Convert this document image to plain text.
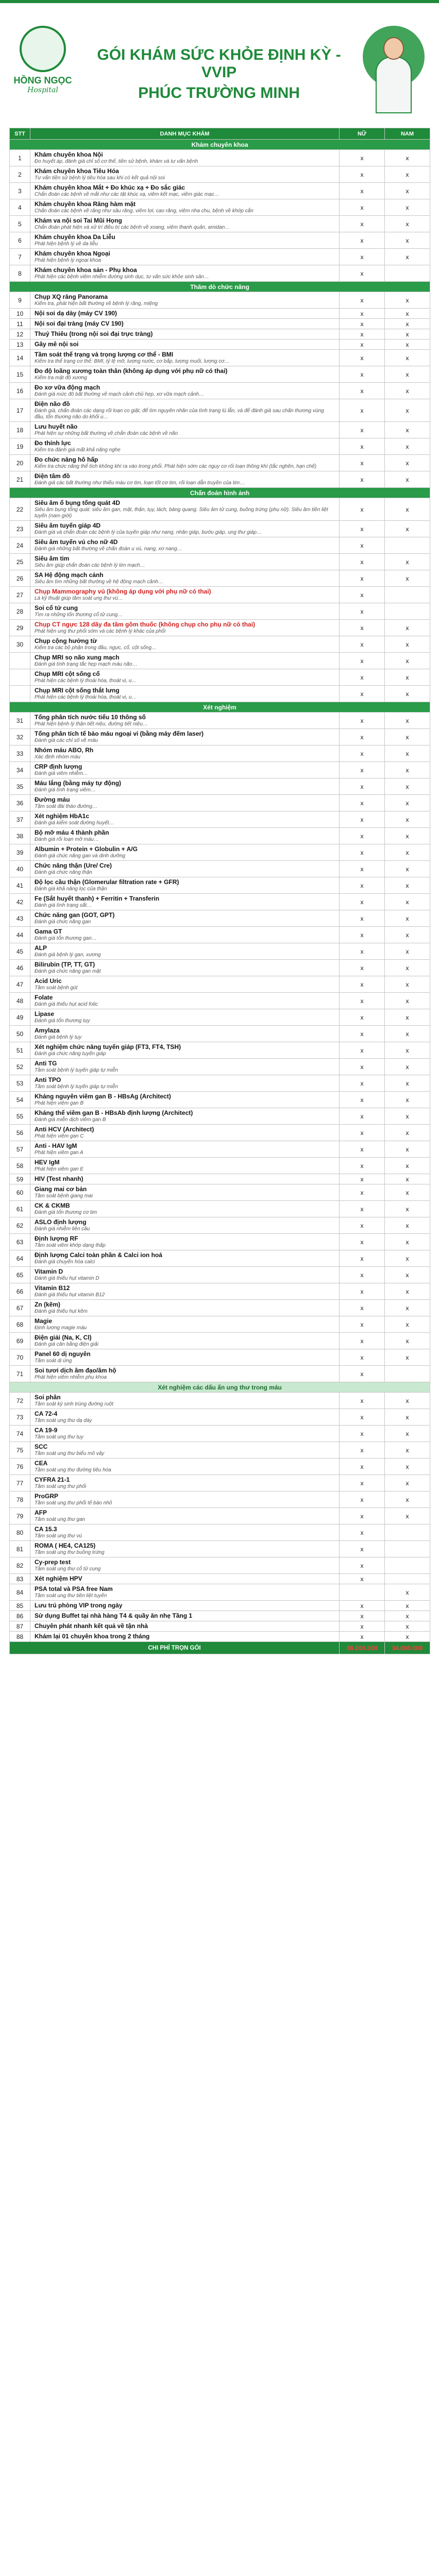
HỒNG NGỌC
Hospital
GÓI KHÁM SỨC KHỎE ĐỊNH KỲ - VVIP
PHÚC TRƯỜNG MINH
STT	DANH MỤC KHÁM	NỮ	NAM
Khám chuyên khoa			
1	Khám chuyên khoa Nội
Đo huyết áp, đánh giá chỉ số cơ thể, tiền sử bệnh, khám và tư vấn bệnh	x	x
2	Khám chuyên khoa Tiêu Hóa
Tư vấn tiền sử bệnh lý tiêu hóa sau khi có kết quả nội soi	x	x
3	Khám chuyên khoa Mắt + Đo khúc xạ + Đo sắc giác
Chẩn đoán các bệnh về mắt như các tật khúc xạ, viêm kết mạc, viêm giác mạc…	x	x
4	Khám chuyên khoa Răng hàm mặt
Chẩn đoán các bệnh về răng như sâu răng, viêm lợi, cao răng, viêm nha chu, bệnh về khớp cắn	x	x
5	Khám va nội soi Tai Mũi Họng
Chẩn đoán phát hiện và xử trí điều trị các bệnh về xoang, viêm thanh quản, amidan…	x	x
6	Khám chuyên khoa Da Liễu
Phát hiện bệnh lý về da liễu	x	x
7	Khám chuyên khoa Ngoại
Phát hiện bệnh lý ngoại khoa	x	x
8	Khám chuyên khoa sản - Phụ khoa
Phát hiện các bệnh viêm nhiễm đường sinh dục, tư vấn sức khỏe sinh sản…	x	
Thăm dò chức năng			
9	Chụp XQ răng Panorama
Kiểm tra, phát hiện bất thường về bệnh lý răng, miệng	x	x
10	Nội soi dạ dày (máy CV 190)	x	x
11	Nội soi đại tràng (máy CV 190)	x	x
12	Thuỷ Thiêu (trong nội soi đại trực tràng)	x	x
13	Gây mê nội soi	x	x
14	Tầm soát thể trạng và trọng lượng cơ thể - BMI
Kiểm tra thể trạng cơ thể: BMI, tỷ lệ mỡ, lượng nước, cơ bắp, lượng muối, lượng cơ…	x	x
15	Đo độ loãng xương toàn thân (không áp dụng với phụ nữ có thai)
Kiểm tra mật độ xương	x	x
16	Đo xơ vữa động mạch
Đánh giá mức độ bất thường về mạch cảnh chủ hẹp, xơ vữa mạch cảnh…	x	x
17	Điện não đồ
Đánh giá, chẩn đoán các dạng rối loạn co giật, để tìm nguyên nhân của tình trạng lú lẫn, và để đánh giá sau chấn thương vùng đầu, tổn thương não do khối u…	x	x
18	Lưu huyết não
Phát hiện sự những bất thường về chẩn đoán các bệnh về não	x	x
19	Đo thính lực
Kiểm tra đánh giá mất khả năng nghe	x	x
20	Đo chức năng hô hấp
Kiểm tra chức năng thể tích không khí ra vào trong phổi. Phát hiện sớm các nguy cơ rối loạn thông khí (tắc nghẽn, hạn chế)	x	x
21	Điện tâm đồ
Đánh giá các bất thường như thiếu máu cơ tim, loạn tốt cơ tim, rối loạn dẫn truyền của tim…	x	x
Chẩn đoán hình ảnh			
22	Siêu âm ổ bụng tổng quát 4D
Siêu âm bụng tổng quát: siêu âm gan, mật, thận, tụy, lách, bàng quang. Siêu âm tử cung, buồng trứng (phụ nữ). Siêu âm tiền liệt tuyến (nam giới)	x	x
23	Siêu âm tuyến giáp 4D
Đánh giá và chẩn đoán các bệnh lý của tuyến giáp như nang, nhân giáp, bướu giáp, ung thư giáp…	x	x
24	Siêu âm tuyến vú cho nữ 4D
Đánh giá những bất thường về chẩn đoán u vú, nang, xơ nang…	x	
25	Siêu âm tim
Siêu âm giúp chẩn đoán các bệnh lý tim mạch…	x	x
26	SA Hệ động mạch cảnh
Siêu âm tìm những bất thường về hệ động mạch cảnh…	x	x
27	Chụp Mammography vú (không áp dụng với phụ nữ có thai)
Là kỹ thuật giúp tầm soát ung thư vú…	x	
28	Soi cổ tử cung
Tìm ra những tổn thương cổ tử cung…	x	
29	Chụp CT ngực 128 dãy đa tầm gồm thuốc (không chụp cho phụ nữ có thai)
Phát hiện ung thư phổi sớm và các bệnh lý khác của phổi	x	x
30	Chụp cộng hưởng từ
Kiểm tra các bộ phận trong đầu, ngực, cổ, cột sống…	x	x

	Chụp MRI sọ não xung mạch
Đánh giá tình trạng tắc hẹp mạch máu não…	x	x

	Chụp MRI cột sống cổ
Phát hiện các bệnh lý thoái hóa, thoát vị, u…	x	x

	Chụp MRI cột sống thắt lưng
Phát hiện các bệnh lý thoái hóa, thoát vị, u…	x	x
Xét nghiệm			
31	Tổng phân tích nước tiểu 10 thông số
Phát hiện bệnh lý thận tiết niệu, đường tiết niệu…	x	x
32	Tổng phân tích tế bào máu ngoại vi (bằng máy đếm laser)
Đánh giá các chỉ số về máu	x	x
33	Nhóm máu ABO, Rh
Xác định nhóm máu	x	x
34	CRP định lượng
Đánh giá viêm nhiễm…	x	x
35	Máu lắng (bằng máy tự động)
Đánh giá tình trạng viêm…	x	x
36	Đường máu
Tầm soát đái tháo đường…	x	x
37	Xét nghiệm HbA1c
Đánh giá kiểm soát đường huyết…	x	x
38	Bộ mỡ máu 4 thành phần
Đánh giá rối loạn mỡ máu…	x	x
39	Albumin + Protein + Globulin + A/G
Đánh giá chức năng gan và dinh dưỡng	x	x
40	Chức năng thận (Ure/ Cre)
Đánh giá chức năng thận	x	x
41	Độ lọc cầu thận (Glomerular filtration rate + GFR)
Đánh giá khả năng lọc của thận	x	x
42	Fe (Sắt huyết thanh) + Ferritin + Transferin
Đánh giá tình trạng sắt…	x	x
43	Chức năng gan (GOT, GPT)
Đánh giá chức năng gan	x	x
44	Gama GT
Đánh giá tổn thương gan…	x	x
45	ALP
Đánh giá bệnh lý gan, xương	x	x
46	Bilirubin (TP, TT, GT)
Đánh giá chức năng gan mật	x	x
47	Acid Uric
Tầm soát bệnh gút	x	x
48	Folate
Đánh giá thiếu hụt acid folic	x	x
49	Lipase
Đánh giá tổn thương tụy	x	x
50	Amylaza
Đánh giá bệnh lý tụy	x	x
51	Xét nghiệm chức năng tuyến giáp (FT3, FT4, TSH)
Đánh giá chức năng tuyến giáp	x	x
52	Anti TG
Tầm soát bệnh lý tuyến giáp tự miễn	x	x
53	Anti TPO
Tầm soát bệnh lý tuyến giáp tự miễn	x	x
54	Kháng nguyên viêm gan B - HBsAg (Architect)
Phát hiện viêm gan B	x	x
55	Kháng thể viêm gan B - HBsAb định lượng (Architect)
Đánh giá miễn dịch viêm gan B	x	x
56	Anti HCV (Architect)
Phát hiện viêm gan C	x	x
57	Anti - HAV IgM
Phát hiện viêm gan A	x	x
58	HEV IgM
Phát hiện viêm gan E	x	x
59	HIV (Test nhanh)	x	x
60	Giang mai cơ bản
Tầm soát bệnh giang mai	x	x
61	CK & CKMB
Đánh giá tổn thương cơ tim	x	x
62	ASLO định lượng
Đánh giá nhiễm liên cầu	x	x
63	Định lượng RF
Tầm soát viêm khớp dạng thấp	x	x
64	Định lượng Calci toàn phần & Calci ion hoá
Đánh giá chuyển hóa calci	x	x
65	Vitamin D
Đánh giá thiếu hụt vitamin D	x	x
66	Vitamin B12
Đánh giá thiếu hụt vitamin B12	x	x
67	Zn (kẽm)
Đánh giá thiếu hụt kẽm	x	x
68	Magie
Định lượng magie máu	x	x
69	Điện giải (Na, K, Cl)
Đánh giá cân bằng điện giải	x	x
70	Panel 60 dị nguyên
Tầm soát dị ứng	x	x
71	Soi tươi dịch âm đạo/âm hộ
Phát hiện viêm nhiễm phụ khoa	x	
Xét nghiệm các dấu ấn ung thư trong máu			
72	Soi phân
Tầm soát ký sinh trùng đường ruột	x	x
73	CA 72-4
Tầm soát ung thư dạ dày	x	x
74	CA 19-9
Tầm soát ung thư tụy	x	x
75	SCC
Tầm soát ung thư biểu mô vảy	x	x
76	CEA
Tầm soát ung thư đường tiêu hóa	x	x
77	CYFRA 21-1
Tầm soát ung thư phổi	x	x
78	ProGRP
Tầm soát ung thư phổi tế bào nhỏ	x	x
79	AFP
Tầm soát ung thư gan	x	x
80	CA 15.3
Tầm soát ung thư vú	x	
81	ROMA ( HE4, CA125)
Tầm soát ung thư buồng trứng	x	
82	Cy-prep test
Tầm soát ung thư cổ tử cung	x	
83	Xét nghiệm HPV	x	
84	PSA total và PSA free Nam
Tầm soát ung thư tiền liệt tuyến		x
85	Lưu trú phòng VIP trong ngày	x	x
86	Sử dụng Buffet tại nhà hàng T4 & quầy ăn nhẹ Tầng 1	x	x
87	Chuyên phát nhanh kết quả về tận nhà	x	x
88	Khám lại 01 chuyên khoa trong 2 tháng	x	x
CHI PHÍ TRỌN GÓI		38.000.000	34.000.000
